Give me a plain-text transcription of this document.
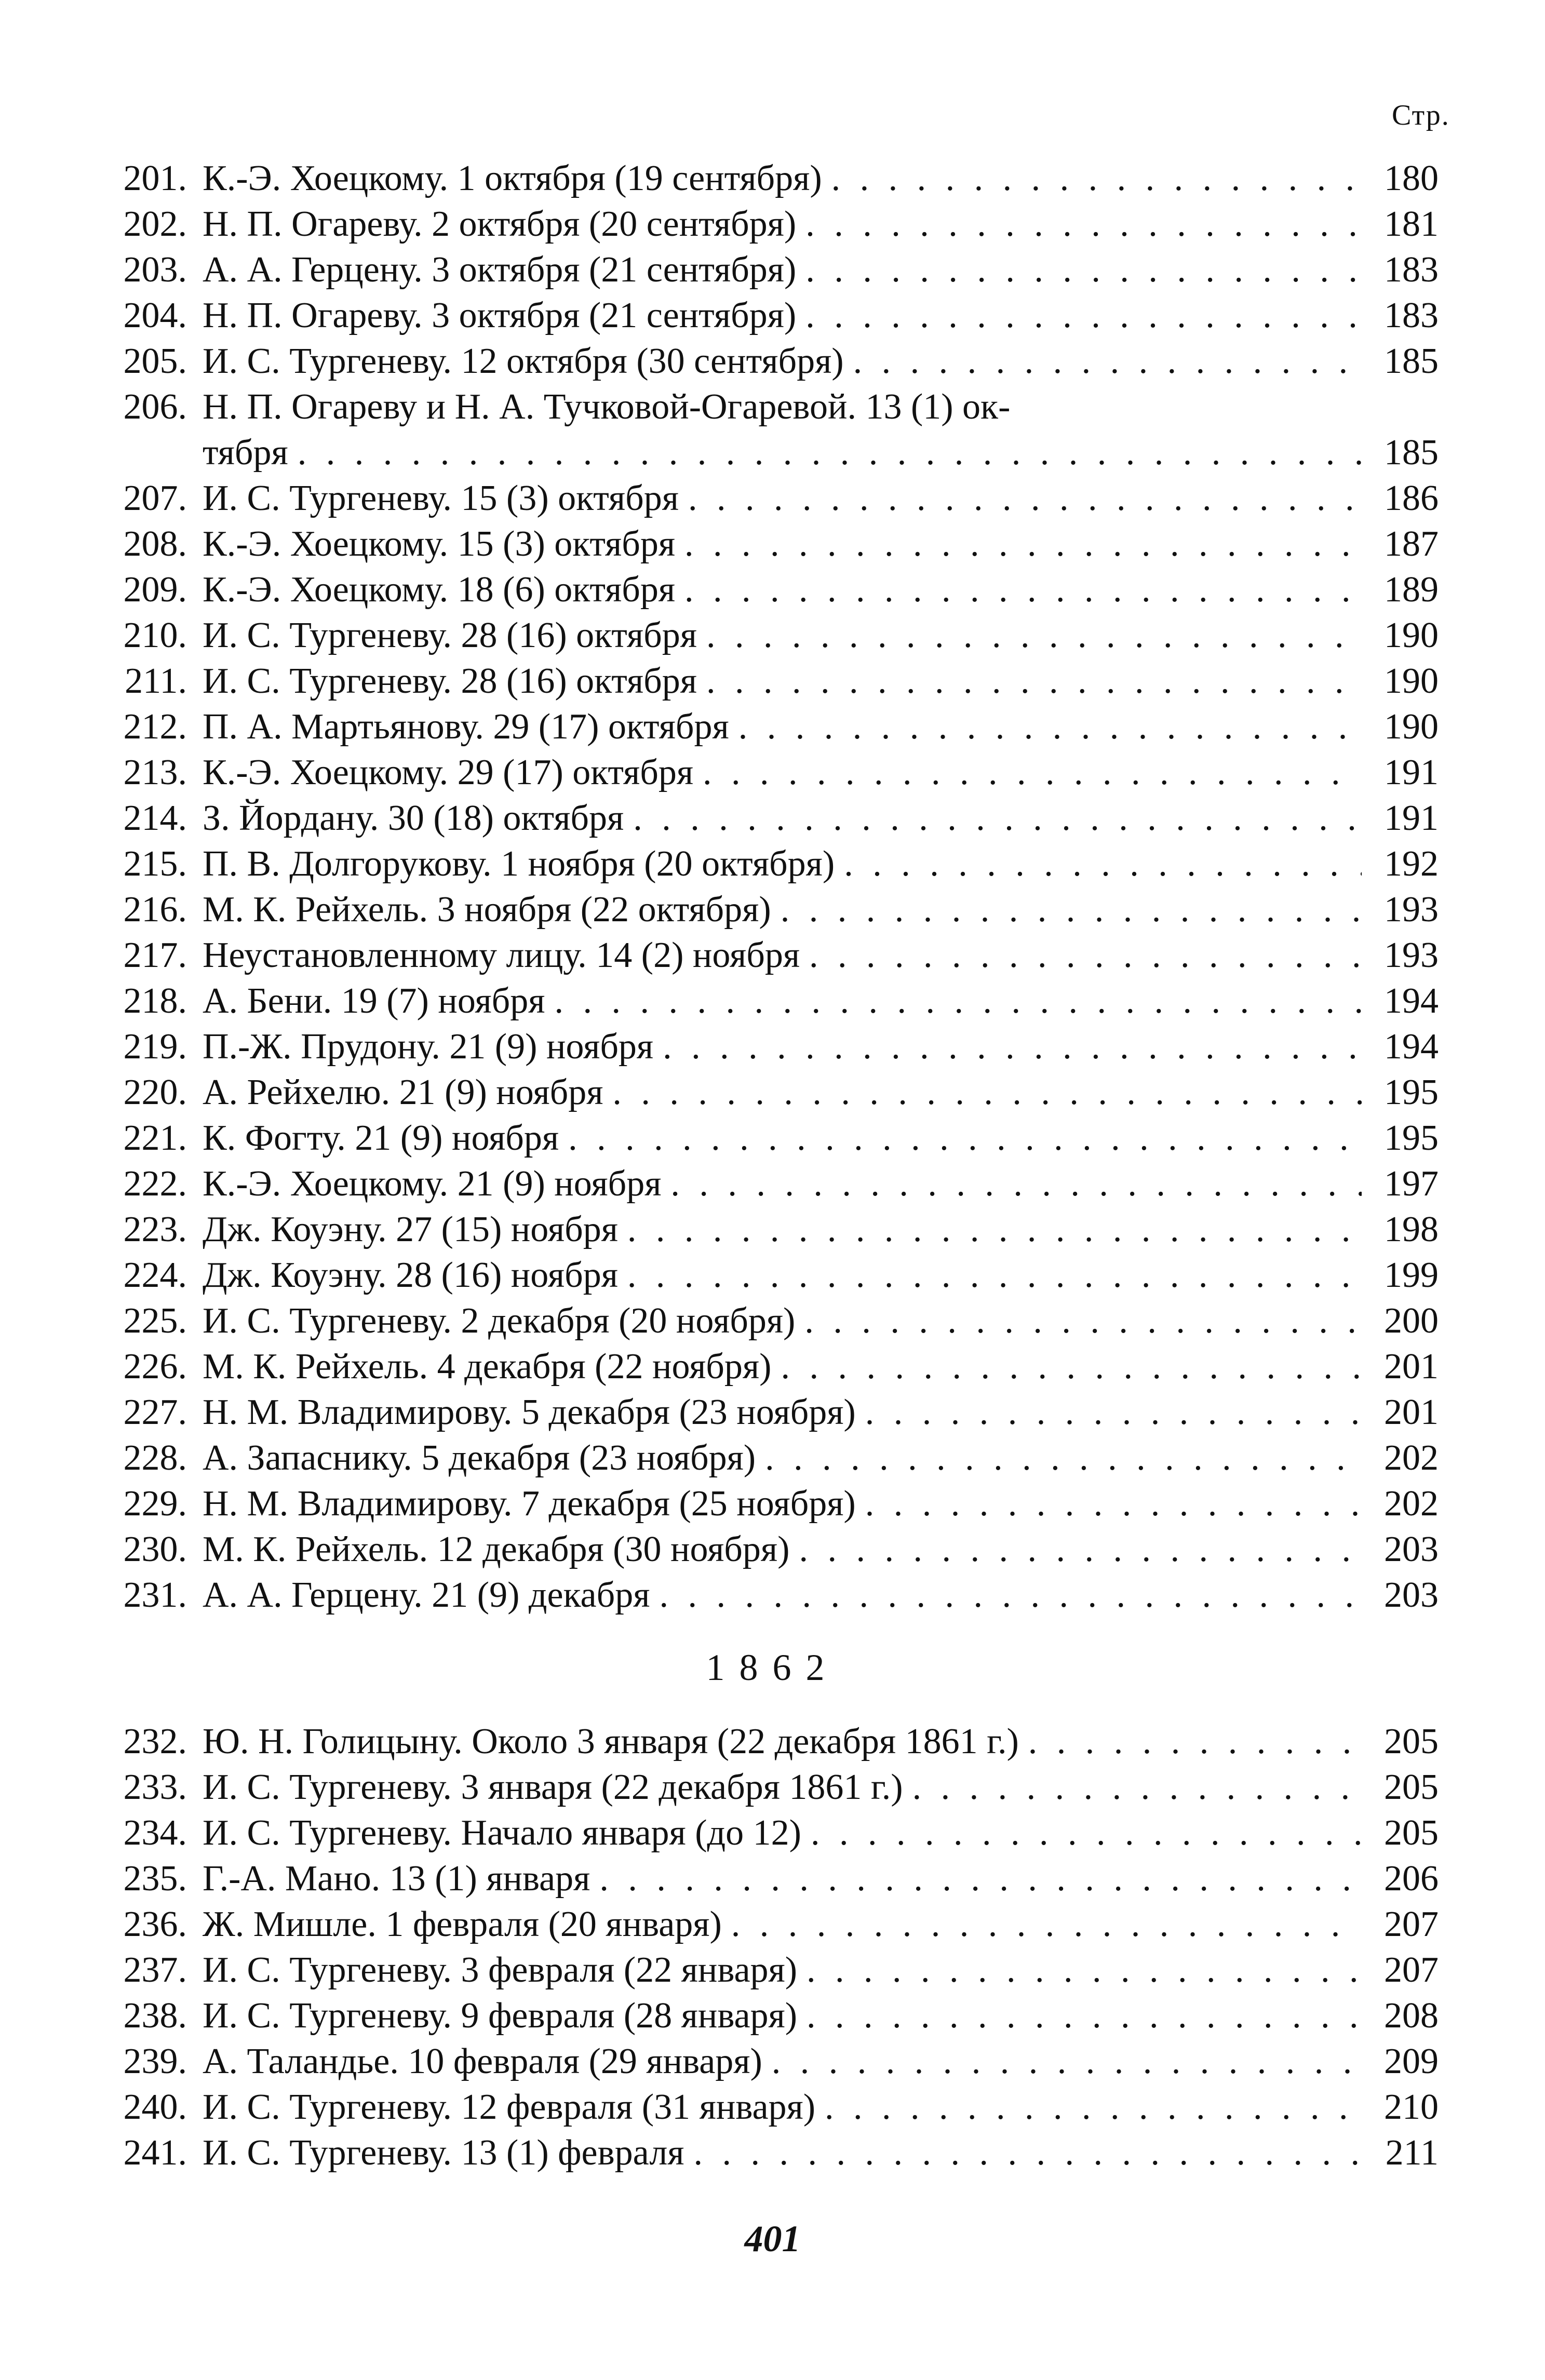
Стр.
201. К.-Э. Хоецкому. 1 октября (19 сентября) . . .	180
202. Н. П. Огареву. 2 октября (20 сентября) . . .	181
203. А. А. Герцену. 3 октября (21 сентября) . . .	183
204. Н. П. Огареву. 3 октября (21 сентября) . . .	183
205. И. С. Тургеневу. 12 октября (30 сентября) . . .	185
206. Н. П. Огареву и Н. А. Тучковой-Огаревой. 13 (1) ок-
тября . . .	185
207. И. С. Тургеневу. 15 (3) октября . . .	186
208. К.-Э. Хоецкому. 15 (3) октября . . .	187
209. К.-Э. Хоецкому. 18 (6) октября . . .	189
210. И. С. Тургеневу. 28 (16) октября . . .	190
211. И. С. Тургеневу. 28 (16) октября . . .	190
212. П. А. Мартьянову. 29 (17) октября . . .	190
213. К.-Э. Хоецкому. 29 (17) октября . . .	191
214. З. Йордану. 30 (18) октября . . .	191
215. П. В. Долгорукову. 1 ноября (20 октября) . . .	192
216. М. К. Рейхель. 3 ноября (22 октября) . . .	193
217. Неустановленному лицу. 14 (2) ноября . . .	193
218. А. Бени. 19 (7) ноября . . .	194
219. П.-Ж. Прудону. 21 (9) ноября . . .	194
220. А. Рейхелю. 21 (9) ноября . . .	195
221. К. Фогту. 21 (9) ноября . . .	195
222. К.-Э. Хоецкому. 21 (9) ноября . . .	197
223. Дж. Коуэну. 27 (15) ноября . . .	198
224. Дж. Коуэну. 28 (16) ноября . . .	199
225. И. С. Тургеневу. 2 декабря (20 ноября) . . .	200
226. М. К. Рейхель. 4 декабря (22 ноября) . . .	201
227. Н. М. Владимирову. 5 декабря (23 ноября) . . .	201
228. А. Запаснику. 5 декабря (23 ноября) . . .	202
229. Н. М. Владимирову. 7 декабря (25 ноября) . . .	202
230. М. К. Рейхель. 12 декабря (30 ноября) . . .	203
231. А. А. Герцену. 21 (9) декабря . . .	203
1862
232. Ю. Н. Голицыну. Около 3 января (22 декабря 1861 г.) . . .	205
233. И. С. Тургеневу. 3 января (22 декабря 1861 г.) . . .	205
234. И. С. Тургеневу. Начало января (до 12) . . .	205
235. Г.-А. Мано. 13 (1) января . . .	206
236. Ж. Мишле. 1 февраля (20 января) . . .	207
237. И. С. Тургеневу. 3 февраля (22 января) . . .	207
238. И. С. Тургеневу. 9 февраля (28 января) . . .	208
239. А. Таландье. 10 февраля (29 января) . . .	209
240. И. С. Тургеневу. 12 февраля (31 января) . . .	210
241. И. С. Тургеневу. 13 (1) февраля . . .	211
401
